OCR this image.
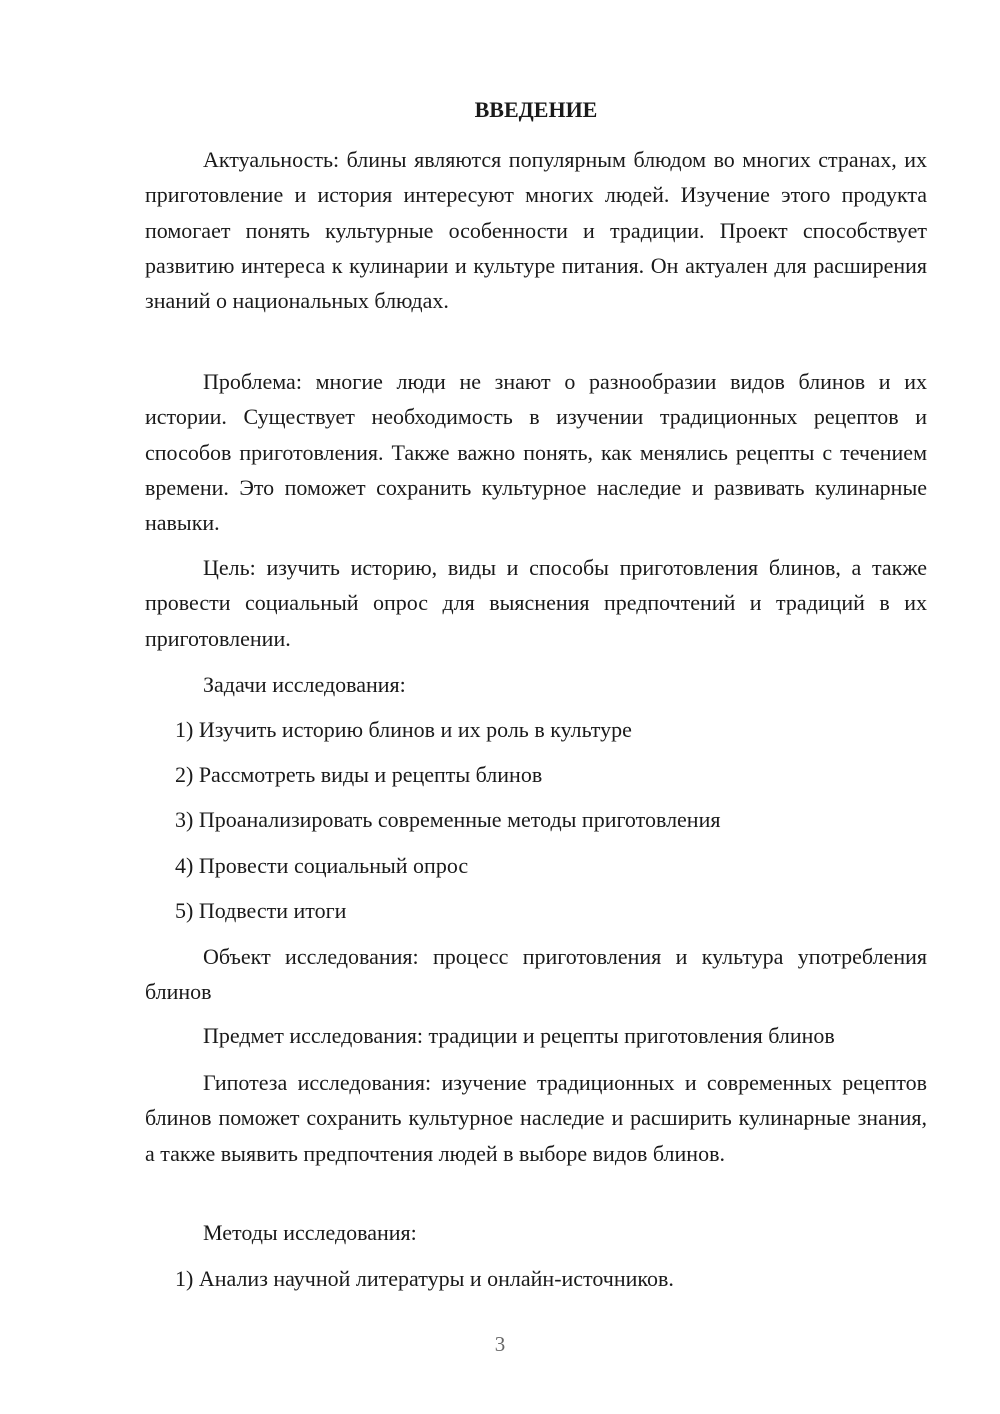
ВВЕДЕНИЕ

Актуальность: блины являются популярным блюдом во многих странах, их приготовление и история интересуют многих людей. Изучение этого продукта помогает понять культурные особенности и традиции. Проект способствует развитию интереса к кулинарии и культуре питания. Он актуален для расширения знаний о национальных блюдах.

Проблема: многие люди не знают о разнообразии видов блинов и их истории. Существует необходимость в изучении традиционных рецептов и способов приготовления. Также важно понять, как менялись рецепты с течением времени. Это поможет сохранить культурное наследие и развивать кулинарные навыки.

Цель: изучить историю, виды и способы приготовления блинов, а также провести социальный опрос для выяснения предпочтений и традиций в их приготовлении.

Задачи исследования:

1) Изучить историю блинов и их роль в культуре

2) Рассмотреть виды и рецепты блинов

3) Проанализировать современные методы приготовления

4) Провести социальный опрос

5) Подвести итоги

Объект исследования: процесс приготовления и культура употребления блинов

Предмет исследования: традиции и рецепты приготовления блинов

Гипотеза исследования: изучение традиционных и современных рецептов блинов поможет сохранить культурное наследие и расширить кулинарные знания, а также выявить предпочтения людей в выборе видов блинов.

Методы исследования:

1) Анализ научной литературы и онлайн-источников.

3
